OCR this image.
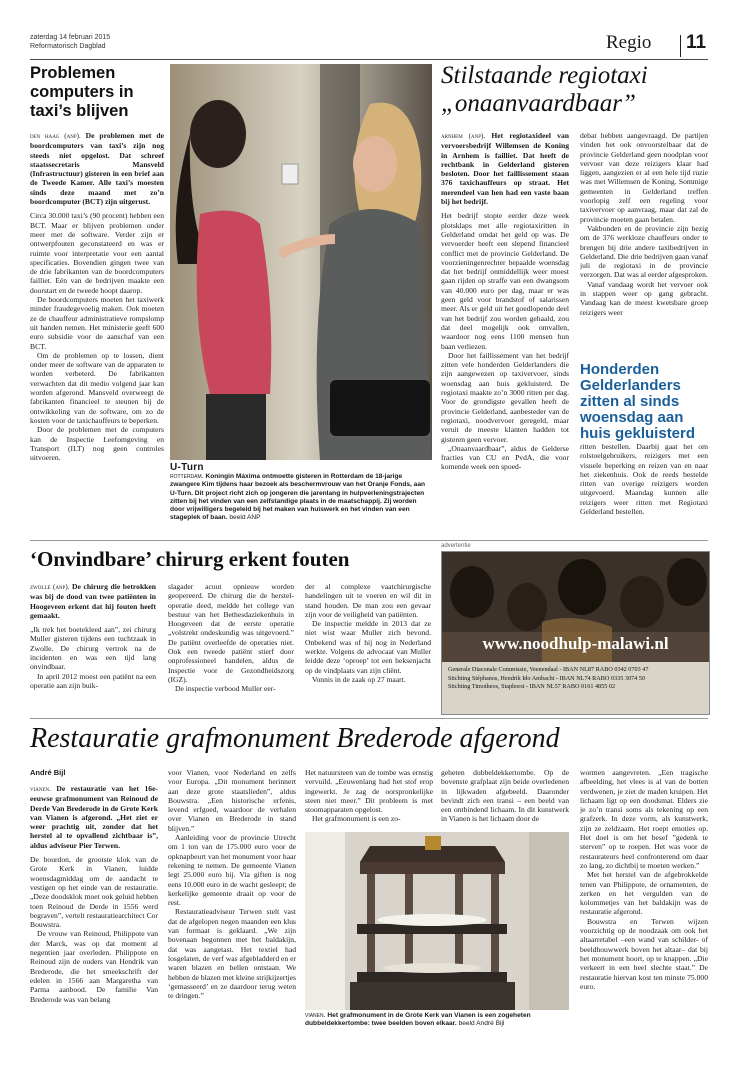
zaterdag 14 februari 2015
Reformatorisch Dagblad	Regio 11
Problemen computers in taxi’s blijven

den haag (anp). De problemen met de boordcomputers van taxi’s zijn nog steeds niet opgelost. Dat schreef staatssecretaris Mansveld (Infrastructuur) gisteren in een brief aan de Tweede Kamer. Alle taxi’s moesten sinds deze maand met zo’n boordcomputer (BCT) zijn uitgerust.

Circa 30.000 taxi’s (90 procent) hebben een BCT. Maar er blijven problemen onder meer met de software. Verder zijn er ontwerpfouten geconstateerd en was er ruimte voor interpretatie voor een aantal specificaties. Bovendien gingen twee van de drie fabrikanten van de boordcomputers failliet. Eén van de bedrijven maakte een doorstart en de tweede hoopt daarop.

De boordcomputers moeten het taxiwerk minder fraudegevoelig maken. Ook moeten ze de chauffeur administratieve rompslomp uit handen nemen. Het ministerie geeft 600 euro subsidie voor de aanschaf van een BCT.

Om de problemen op te lossen, dient onder meer de software van de apparaten te worden verbeterd. De fabrikanten verwachten dat dit medio volgend jaar kan worden afgerond. Mansveld overweegt de fabrikanten financieel te steunen bij de ontwikkeling van de software, om zo de kosten voor de taxichauffeurs te beperken.

Door de problemen met de computers kan de Inspectie Leefomgeving en Transport (ILT) nog geen controles uitvoeren.

U-Turn
rotterdam. Koningin Máxima ontmoette gisteren in Rotterdam de 18-jarige zwangere Kim tijdens haar bezoek als beschermvrouw van het Oranje Fonds, aan U-Turn. Dit project richt zich op jongeren die jarenlang in hulpverleningstrajecten zitten bij het vinden van een zelfstandige plaats in de maatschappij. Zij worden door vrijwilligers begeleid bij het maken van huiswerk en het vinden van een stageplek of baan. beeld ANP
Stilstaande regiotaxi
„onaanvaardbaar”

arnhem (anp). Het regiotaxideel van vervoersbedrijf Willemsen de Koning in Arnhem is failliet. Dat heeft de rechtbank in Gelderland gisteren besloten. Door het faillissement staan 376 taxichauffeurs op straat. Het merendeel van hen had een vaste baan bij het bedrijf.

Het bedrijf stopte eerder deze week plotsklaps met alle regiotaxiritten in Gelderland omdat het geld op was. De vervoerder heeft een slepend financieel conflict met de provincie Gelderland. De voorzieningenrechter bepaalde woensdag dat het bedrijf onmiddellijk weer moest gaan rijden op straffe van een dwangsom van 40.000 euro per dag, maar er was geen geld voor brandstof of salarissen meer. Als er geld uit het goedlopende deel van het bedrijf zou worden gehaald, zou dat deel mogelijk ook omvallen, waardoor nog eens 1100 mensen hun baan verliezen.

Door het faillissement van het bedrijf zitten vele honderden Gelderlanders die zijn aangewezen op taxivervoer, sinds woensdag aan huis gekluisterd. De regiotaxi maakte zo’n 3000 ritten per dag. Voor de grondigste gevallen heeft de provincie Gelderland, aanbesteder van de regiotaxi, noodvervoer geregeld, maar veruit de meeste klanten hadden tot gisteren geen vervoer.

„Onaanvaardbaar”, aldus de Gelderse fracties van CU en PvdA, die voor komende week een spoed-

debat hebben aangevraagd. De partijen vinden het ook onvoorstelbaar dat de provincie Gelderland geen noodplan voor vervoer van deze reizigers klaar had liggen, aangezien er al een hele tijd ruzie was met Willemsen de Koning. Sommige gemeenten in Gelderland treffen voorlopig zelf een regeling voor taxivervoer op aanvraag, maar dat zal de provincie moeten gaan betalen.

Vakbonden en de provincie zijn bezig om de 376 werkloze chauffeurs onder te brengen bij drie andere taxibedrijven in Gelderland. Die drie bedrijven gaan vanaf juli de regiotaxi in de provincie verzorgen. Dat was al eerder afgesproken.

Vanaf vandaag wordt het vervoer ook in stappen weer op gang gebracht. Vandaag kan de meest kwetsbare groep reizigers weer

Honderden Gelderlanders zitten al sinds woensdag aan huis gekluisterd

ritten bestellen. Daarbij gaat het om rolstoelgebruikers, reizigers met een visuele beperking en reizen van en naar het ziekenhuis. Ook de reeds bestelde ritten van overige reizigers worden uitgevoerd. Maandag kunnen alle reizigers weer ritten met Regiotaxi Gelderland bestellen.

‘Onvindbare’ chirurg erkent fouten

zwolle (anp). De chirurg die betrokken was bij de dood van twee patiënten in Hoogeveen erkent dat hij fouten heeft gemaakt.

„Ik trek het boetekleed aan”, zei chirurg Muller gisteren tijdens een tuchtzaak in Zwolle. De chirurg vertrok na de incidenten en was een tijd lang onvindbaar.

In april 2012 moest een patiënt na een operatie aan zijn buik-

slagader acuut opnieuw worden geopereerd. De chirurg die de hersteloperatie deed, meldde het college van bestuur van het Bethesdaziekenhuis in Hoogeveen dat de eerste operatie „volstrekt ondeskundig was uitgevoerd.” De patiënt overleefde de operaties niet. Ook een tweede patiënt stierf door onprofessioneel handelen, aldus de Inspectie voor de Gezondheidszorg (IGZ).

De inspectie verbood Muller eer-

der al complexe vaatchirurgische handelingen uit te voeren en wil dit in stand houden. De man zou een gevaar zijn voor de veiligheid van patiënten.

De inspectie meldde in 2013 dat ze niet wist waar Muller zich bevond. Onbekend was of hij nog in Nederland werkte. Volgens de advocaat van Muller leidde deze ‘oproep’ tot een heksenjacht op de vindplaats van zijn cliënt.

Vonnis in de zaak op 27 maart.

advertentie
www.noodhulp-malawi.nl
Generale Diaconale Commissie, Veenendaal - IBAN NL87 RABO 0342 0703 47
Stichting Stéphanos, Hendrik Ido Ambacht - IBAN NL74 RABO 0335 3074 50
Stichting Timotheos, Staphorst - IBAN NL57 RABO 0161 4855 02
Restauratie grafmonument Brederode afgerond
André Bijl

vianen. De restauratie van het 16e-eeuwse grafmonument van Reinoud de Derde Van Brederode in de Grote Kerk van Vianen is afgerond. „Het ziet er weer prachtig uit, zonder dat het herstel al te opvallend zichtbaar is”, aldus adviseur Pier Terwen.

De bourdon, de grootste klok van de Grote Kerk in Vianen, luidde woensdagmiddag om de aandacht te vestigen op het einde van de restauratie. „Deze doodsklok moet ook geluid hebben toen Reinoud de Derde in 1556 werd begraven”, vertelt restauratiearchitect Cor Bouwstra.

De vrouw van Reinoud, Philippote van der Marck, was op dat moment al negentien jaar overleden. Philippote en Reinoud zijn de ouders van Hendrik van Brederode, die het smeekschrift der edelen in 1566 aan Margaretha van Parma aanbood. De familie Van Brederode was van belang

voor Vianen, voor Nederland en zelfs voor Europa. „Dit monument herinnert aan deze grote staatslieden”, aldus Bouwstra. „Een historische erfenis, levend erfgoed, waardoor de verhalen over Vianen en Brederode in stand blijven.”

Aanleiding voor de provincie Utrecht om 1 ton van de 175.000 euro voor de opknapbeurt van het monument voor haar rekening te nemen. De gemeente Vianen legt 25.000 euro bij. Via giften is nog eens 10.000 euro in de wacht gesleept; de kerkelijke gemeente draait op voor de rest.

Restauratieadviseur Terwen stelt vast dat de afgelopen negen maanden een klus van formaat is geklaard. „We zijn bovenaan begonnen met het baldakijn, dat was aangetast. Het textiel had losgelaten, de verf was afgebladderd en er waren blazen en bellen ontstaan. We hebben de blazen met kleine strijkijzertjes ‘gemasseerd’ en ze daardoor terug weten te dringen.”

Het natuursteen van de tombe was ernstig vervuild. „Eeuwenlang had het stof erop ingewerkt. Je zag de oorspronkelijke steen niet meer.” Dit probleem is met stoomapparaten opgelost.

Het grafmonument is een zo-

geheten dubbeldekkertombe. Op de bovenste grafplaat zijn beide overledenen in lijkwaden afgebeeld. Daaronder bevindt zich een transi – een beeld van een ontbindend lichaam. In dit kunstwerk in Vianen is het lichaam door de

wormen aangevreten. „Een tragische afbeelding, het vlees is al van de botten verdwenen, je ziet de maden kruipen. Het lichaam ligt op een doodsmat. Elders zie je zo’n transi soms als tekening op een grafzerk. In deze vorm, als kunstwerk, zijn ze zeldzaam. Het roept emoties op. Het doel is om het besef ”gedenk te sterven” op te roepen. Het was voor de restaurateurs heel confronterend om daar zo lang, zo dichtbij te moeten werken.”

Met het herstel van de afgebrokkelde tenen van Philippote, de ornamenten, de zerken en het vergulden van de kolommetjes van het baldakijn was de restauratie afgerond.

Bouwstra en Terwen wijzen voorzichtig op de noodzaak om ook het altaarretabel –een wand van schilder- of beeldhouwwerk boven het altaar– dat bij het monument hoort, op te knappen. „Die verkeert in een heel slechte staat.” De restauratie hiervan kost ten minste 75.000 euro.

vianen. Het grafmonument in de Grote Kerk van Vianen is een zogeheten dubbeldekkertombe: twee beelden boven elkaar. beeld André Bijl
